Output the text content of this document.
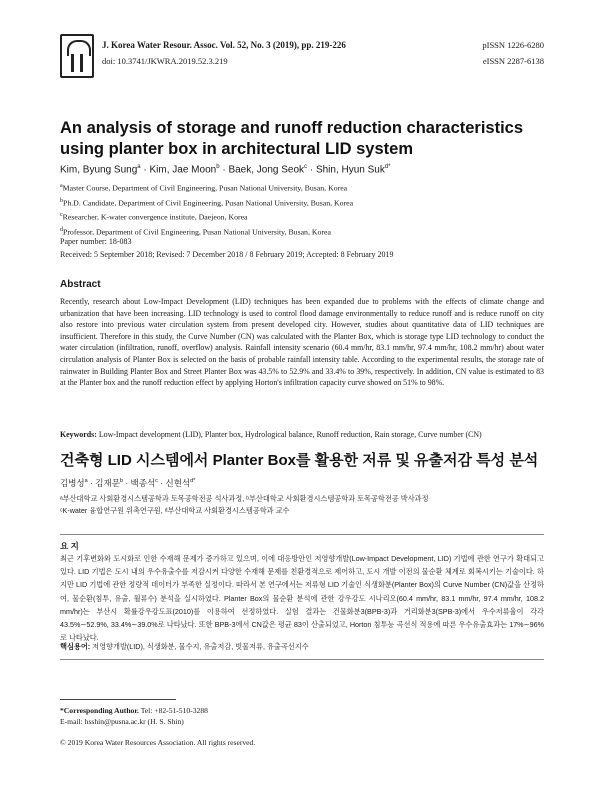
J. Korea Water Resour. Assoc. Vol. 52, No. 3 (2019), pp. 219-226
doi: 10.3741/JKWRA.2019.52.3.219
pISSN 1226-6280
eISSN 2287-6138
An analysis of storage and runoff reduction characteristics using planter box in architectural LID system
Kim, Byung Sung$^a$ · Kim, Jae Moon$^b$ · Baek, Jong Seok$^c$ · Shin, Hyun Suk$^{d*}$
$^a$Master Course, Department of Civil Engineering, Pusan National University, Busan, Korea
$^b$Ph.D. Candidate, Department of Civil Engineering, Pusan National University, Busan, Korea
$^c$Researcher, K-water convergence institute, Daejeon, Korea
$^d$Professor, Department of Civil Engineering, Pusan National University, Busan, Korea
Paper number: 18-083
Received: 5 September 2018; Revised: 7 December 2018 / 8 February 2019; Accepted: 8 February 2019
Abstract
Recently, research about Low-Impact Development (LID) techniques has been expanded due to problems with the effects of climate change and urbanization that have been increasing. LID technology is used to control flood damage environmentally to reduce runoff and is reduce runoff on city also restore into previous water circulation system from present developed city. However, studies about quantitative data of LID techniques are insufficient. Therefore in this study, the Curve Number (CN) was calculated with the Planter Box, which is storage type LID technology to conduct the water circulation (infiltration, runoff, overflow) analysis. Rainfall intensity scenario (60.4 mm/hr, 83.1 mm/hr, 97.4 mm/hr, 108.2 mm/hr) about water circulation analysis of Planter Box is selected on the basis of probable rainfall intensity table. According to the experimental results, the storage rate of rainwater in Building Planter Box and Street Planter Box was 43.5% to 52.9% and 33.4% to 39%, respectively. In addition, CN value is estimated to 83 at the Planter box and the runoff reduction effect by applying Horton's infiltration capacity curve showed on 51% to 98%.
Keywords: Low-Impact development (LID), Planter box, Hydrological balance, Runoff reduction, Rain storage, Curve number (CN)
건축형 LID 시스템에서 Planter Box를 활용한 저류 및 유출저감 특성 분석
김병성$^a$ · 김재문$^b$ · 백종석$^c$ · 신현석$^{d*}$
ᵃ부산대학교 사회환경시스템공학과 토목공학전공 석사과정, ᵇ부산대학교 사회환경시스템공학과 토목공학전공 박사과정
ᶜK-water 융합연구원 위촉연구원, ᵈ부산대학교 사회환경시스템공학과 교수
요 지
최근 기후변화와 도시화로 인한 수재해 문제가 증가하고 있으며, 이에 대응방안인 저영향개발(Low-Impact Development, LID) 기법에 관한 연구가 확대되고 있다. LID 기법은 도시 내의 우수유출수를 저감시켜 다양한 수재해 문제를 친환경적으로 제어하고, 도시 개발 이전의 물순환 체계로 회복시키는 기술이다. 하지만 LID 기법에 관한 정량적 데이터가 부족한 실정이다. 따라서 본 연구에서는 저류형 LID 기술인 식생화분(Planter Box)의 Curve Number (CN)값을 산정하여, 물순환(침투, 유출, 월류수) 분석을 실시하였다. Planter Box의 물순환 분석에 관한 강우강도 시나리오(60.4 mm/hr, 83.1 mm/hr, 97.4 mm/hr, 108.2 mm/hr)는 부산시 확률강우강도표(2010)를 이용하여 선정하였다. 실험 결과는 건물화분3(BPB-3)과 거리화분3(SPB-3)에서 우수저류율이 각각 43.5%∼52.9%, 33.4%∼39.0%로 나타났다. 또한 BPB-3에서 CN값은 평균 83이 산출되었고, Horton 침투능 곡선식 적용에 따른 우수유출효과는 17%∼96%로 나타났다.
핵심용어: 저영향개발(LID), 식생화분, 물수지, 유출저감, 빗물저류, 유출곡선지수
*Corresponding Author. Tel: +82-51-510-3288
E-mail: hsshin@pusna.ac.kr (H. S. Shin)
© 2019 Korea Water Resources Association. All rights reserved.
